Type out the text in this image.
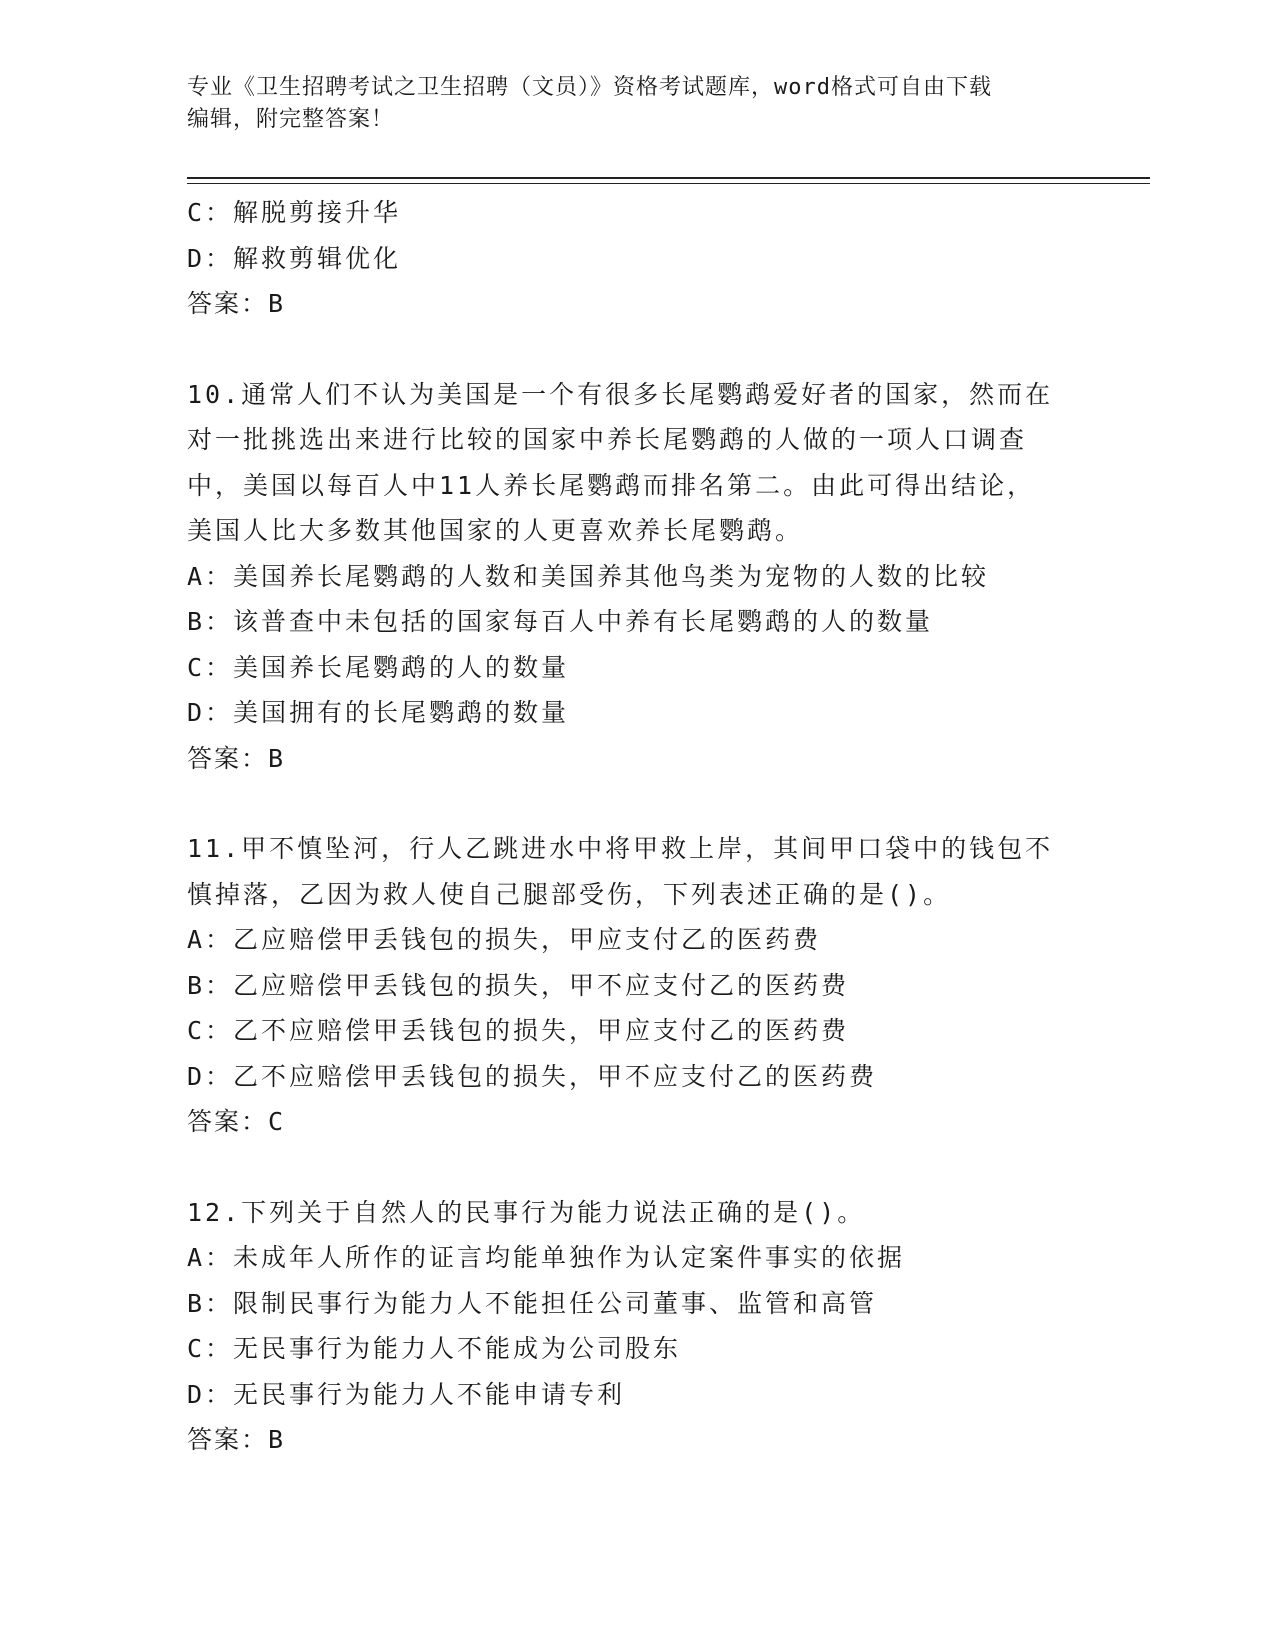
专业《卫生招聘考试之卫生招聘（文员）》资格考试题库，word格式可自由下载
编辑，附完整答案！
C：解脱剪接升华
D：解救剪辑优化
答案：B
10.通常人们不认为美国是一个有很多长尾鹦鹉爱好者的国家，然而在
对一批挑选出来进行比较的国家中养长尾鹦鹉的人做的一项人口调查
中，美国以每百人中11人养长尾鹦鹉而排名第二。由此可得出结论，
美国人比大多数其他国家的人更喜欢养长尾鹦鹉。
A：美国养长尾鹦鹉的人数和美国养其他鸟类为宠物的人数的比较
B：该普查中未包括的国家每百人中养有长尾鹦鹉的人的数量
C：美国养长尾鹦鹉的人的数量
D：美国拥有的长尾鹦鹉的数量
答案：B
11.甲不慎坠河，行人乙跳进水中将甲救上岸，其间甲口袋中的钱包不
慎掉落，乙因为救人使自己腿部受伤，下列表述正确的是()。
A：乙应赔偿甲丢钱包的损失，甲应支付乙的医药费
B：乙应赔偿甲丢钱包的损失，甲不应支付乙的医药费
C：乙不应赔偿甲丢钱包的损失，甲应支付乙的医药费
D：乙不应赔偿甲丢钱包的损失，甲不应支付乙的医药费
答案：C
12.下列关于自然人的民事行为能力说法正确的是()。
A：未成年人所作的证言均能单独作为认定案件事实的依据
B：限制民事行为能力人不能担任公司董事、监管和高管
C：无民事行为能力人不能成为公司股东
D：无民事行为能力人不能申请专利
答案：B
